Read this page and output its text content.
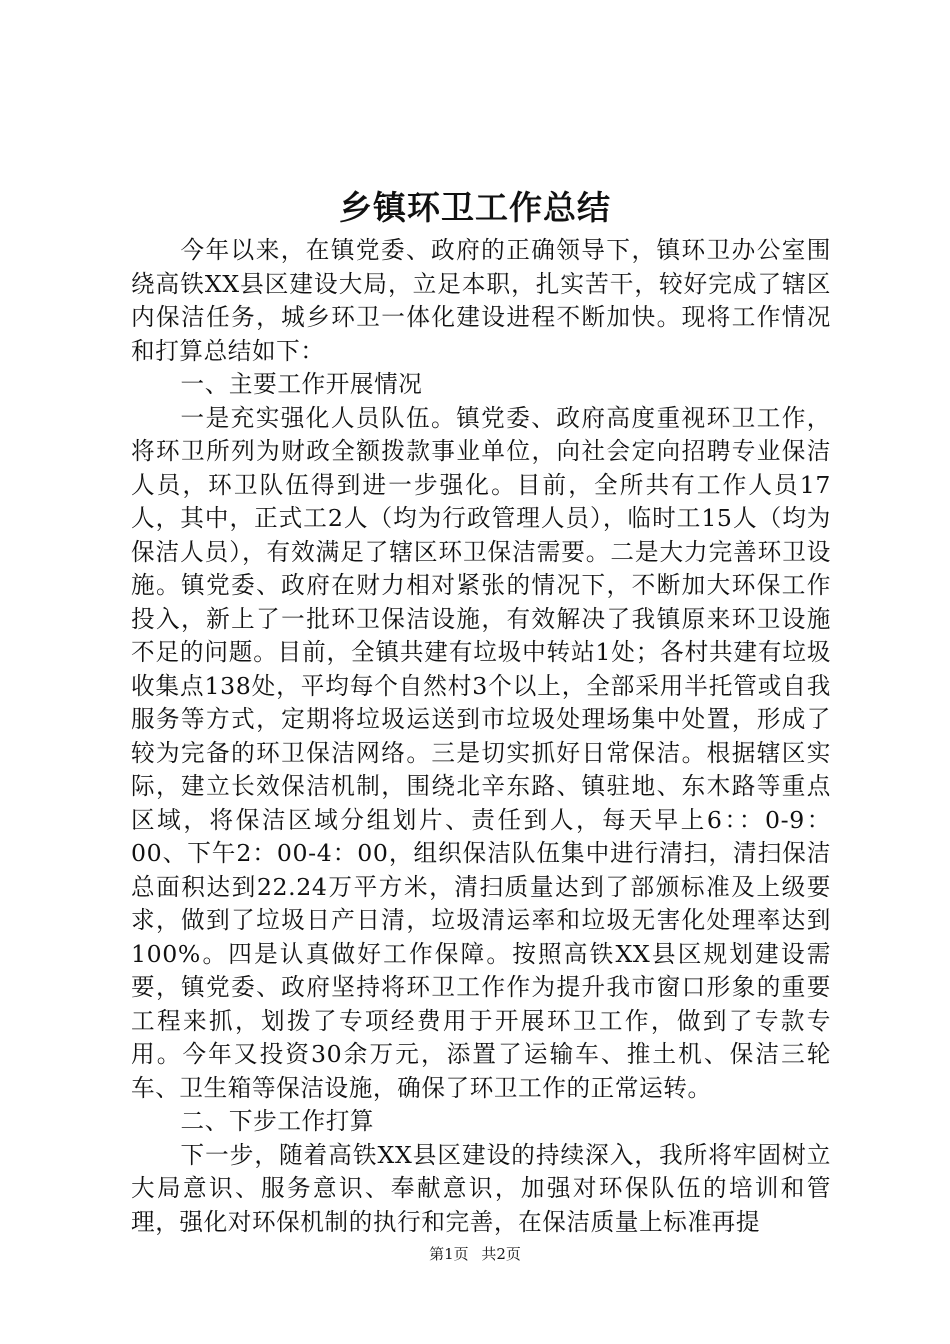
乡镇环卫工作总结

今年以来，在镇党委、政府的正确领导下，镇环卫办公室围绕高铁XX县区建设大局，立足本职，扎实苦干，较好完成了辖区内保洁任务，城乡环卫一体化建设进程不断加快。现将工作情况和打算总结如下：

一、主要工作开展情况

一是充实强化人员队伍。镇党委、政府高度重视环卫工作，将环卫所列为财政全额拨款事业单位，向社会定向招聘专业保洁人员，环卫队伍得到进一步强化。目前，全所共有工作人员17人，其中，正式工2人（均为行政管理人员），临时工15人（均为保洁人员），有效满足了辖区环卫保洁需要。二是大力完善环卫设施。镇党委、政府在财力相对紧张的情况下，不断加大环保工作投入，新上了一批环卫保洁设施，有效解决了我镇原来环卫设施不足的问题。目前，全镇共建有垃圾中转站1处；各村共建有垃圾收集点138处，平均每个自然村3个以上，全部采用半托管或自我服务等方式，定期将垃圾运送到市垃圾处理场集中处置，形成了较为完备的环卫保洁网络。三是切实抓好日常保洁。根据辖区实际，建立长效保洁机制，围绕北辛东路、镇驻地、东木路等重点区域，将保洁区域分组划片、责任到人，每天早上6：：0-9：00、下午2：00-4：00，组织保洁队伍集中进行清扫，清扫保洁总面积达到22.24万平方米，清扫质量达到了部颁标准及上级要求，做到了垃圾日产日清，垃圾清运率和垃圾无害化处理率达到100%。四是认真做好工作保障。按照高铁XX县区规划建设需要，镇党委、政府坚持将环卫工作作为提升我市窗口形象的重要工程来抓，划拨了专项经费用于开展环卫工作，做到了专款专用。今年又投资30余万元，添置了运输车、推土机、保洁三轮车、卫生箱等保洁设施，确保了环卫工作的正常运转。

二、下步工作打算

下一步，随着高铁XX县区建设的持续深入，我所将牢固树立大局意识、服务意识、奉献意识，加强对环保队伍的培训和管理，强化对环保机制的执行和完善，在保洁质量上标准再提

第1页 共2页
